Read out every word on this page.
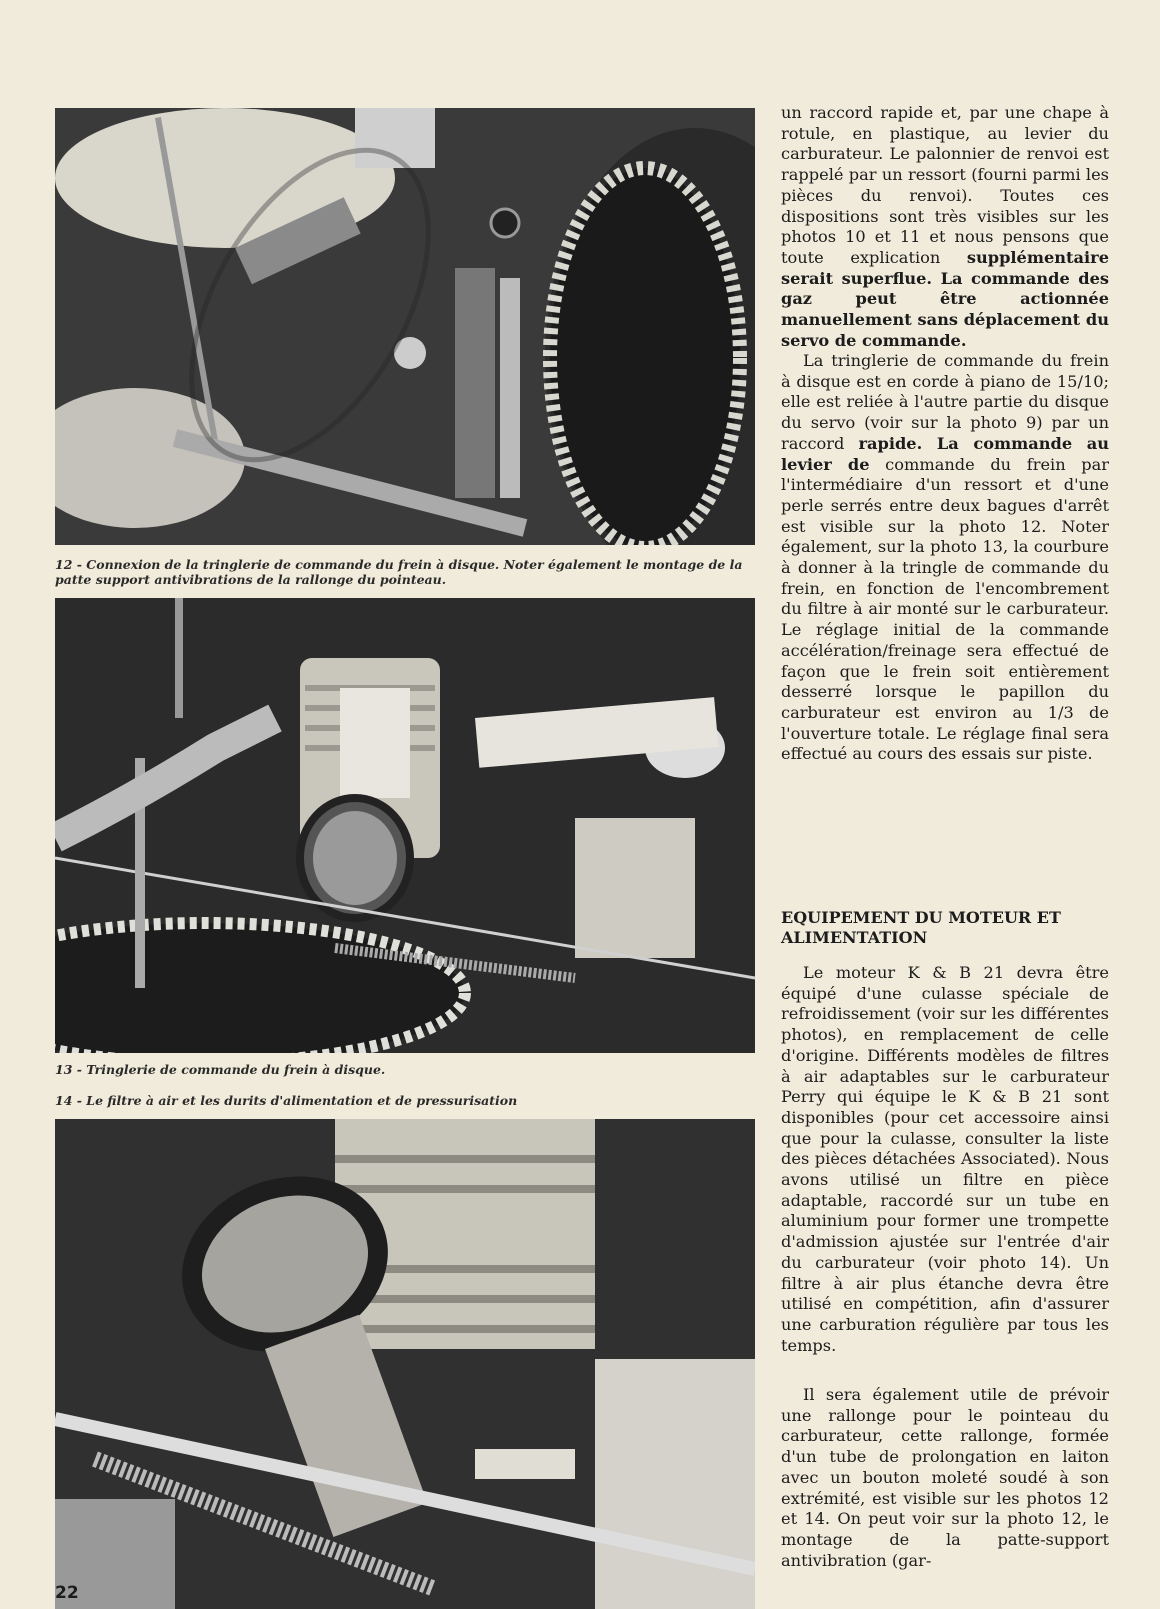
12 - Connexion de la tringlerie de commande du frein à disque. Noter également le montage de la patte support antivibrations de la rallonge du pointeau.
13 - Tringlerie de commande du frein à disque.
14 - Le filtre à air et les durits d'alimentation et de pressurisation

un raccord rapide et, par une chape à rotule, en plastique, au levier du carburateur. Le palonnier de renvoi est rappelé par un ressort (fourni parmi les pièces du renvoi). Toutes ces dispositions sont très visibles sur les photos 10 et 11 et nous pensons que toute explication supplémentaire serait superflue. La commande des gaz peut être actionnée manuellement sans déplacement du servo de commande.

La tringlerie de commande du frein à disque est en corde à piano de 15/10; elle est reliée à l'autre partie du disque du servo (voir sur la photo 9) par un raccord rapide. La commande au levier de commande du frein par l'intermédiaire d'un ressort et d'une perle serrés entre deux bagues d'arrêt est visible sur la photo 12. Noter également, sur la photo 13, la courbure à donner à la tringle de commande du frein, en fonction de l'encombrement du filtre à air monté sur le carburateur. Le réglage initial de la commande accélération/freinage sera effectué de façon que le frein soit entièrement desserré lorsque le papillon du carburateur est environ au 1/3 de l'ouverture totale. Le réglage final sera effectué au cours des essais sur piste.

EQUIPEMENT DU MOTEUR ET ALIMENTATION

Le moteur K & B 21 devra être équipé d'une culasse spéciale de refroidissement (voir sur les différentes photos), en remplacement de celle d'origine. Différents modèles de filtres à air adaptables sur le carburateur Perry qui équipe le K & B 21 sont disponibles (pour cet accessoire ainsi que pour la culasse, consulter la liste des pièces détachées Associated). Nous avons utilisé un filtre en pièce adaptable, raccordé sur un tube en aluminium pour former une trompette d'admission ajustée sur l'entrée d'air du carburateur (voir photo 14). Un filtre à air plus étanche devra être utilisé en compétition, afin d'assurer une carburation régulière par tous les temps.

Il sera également utile de prévoir une rallonge pour le pointeau du carburateur, cette rallonge, formée d'un tube de prolongation en laiton avec un bouton moleté soudé à son extrémité, est visible sur les photos 12 et 14. On peut voir sur la photo 12, le montage de la patte-support antivibration (gar-

22
